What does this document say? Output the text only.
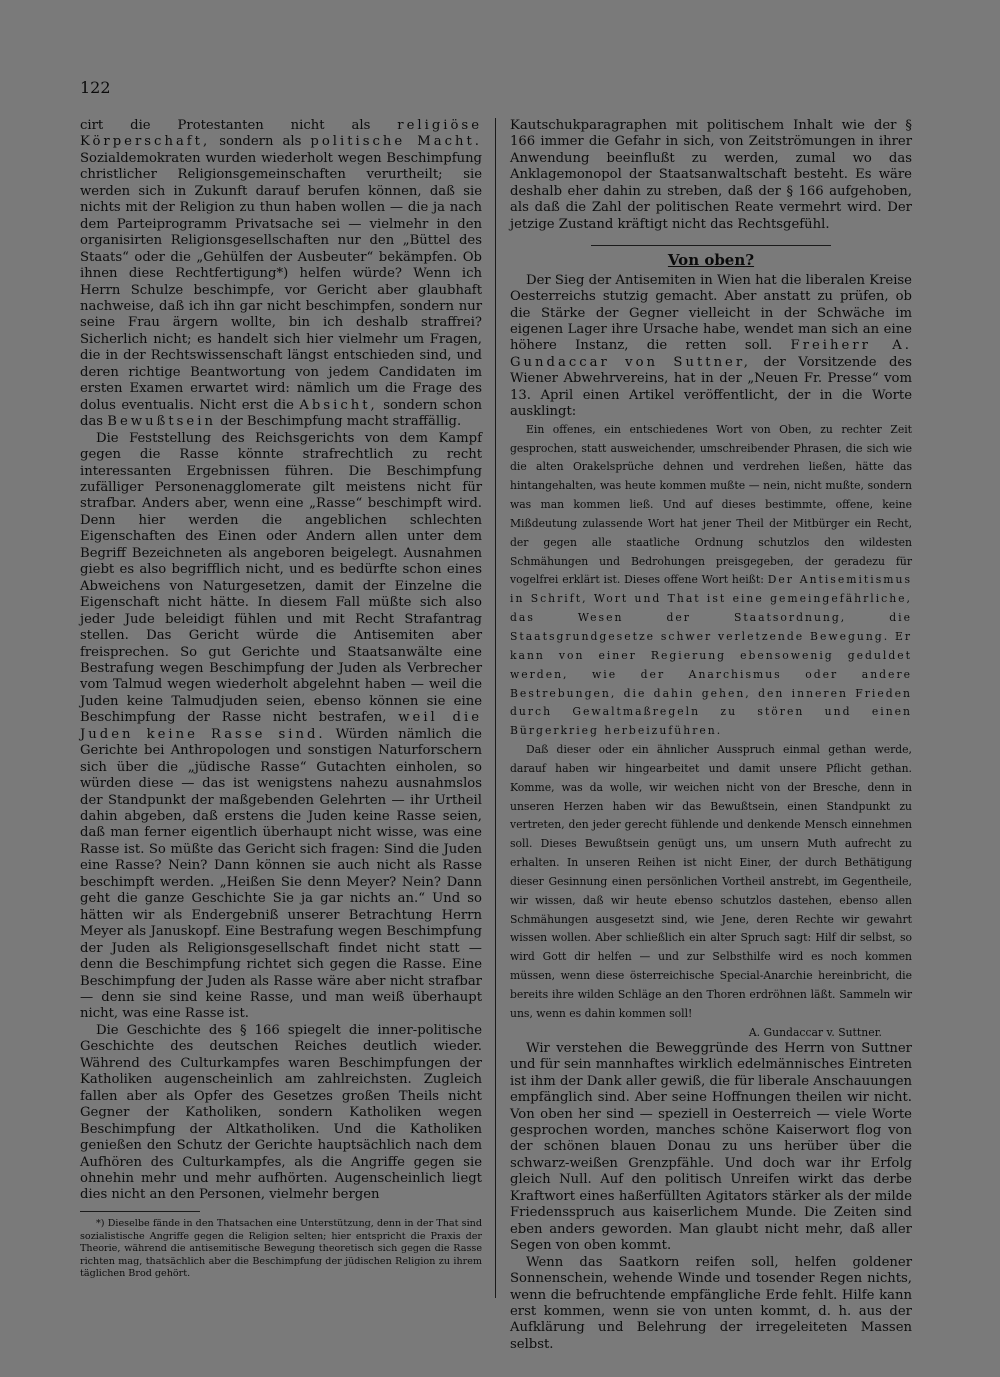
122

cirt die Protestanten nicht als religiöse Körperschaft, sondern als politische Macht. Sozialdemokraten wurden wiederholt wegen Beschimpfung christlicher Religionsgemeinschaften verurtheilt; sie werden sich in Zukunft darauf berufen können, daß sie nichts mit der Religion zu thun haben wollen — die ja nach dem Parteiprogramm Privatsache sei — vielmehr in den organisirten Religionsgesellschaften nur den „Büttel des Staats“ oder die „Gehülfen der Ausbeuter“ bekämpfen. Ob ihnen diese Rechtfertigung*) helfen würde? Wenn ich Herrn Schulze beschimpfe, vor Gericht aber glaubhaft nachweise, daß ich ihn gar nicht beschimpfen, sondern nur seine Frau ärgern wollte, bin ich deshalb straffrei? Sicherlich nicht; es handelt sich hier vielmehr um Fragen, die in der Rechtswissenschaft längst entschieden sind, und deren richtige Beantwortung von jedem Candidaten im ersten Examen erwartet wird: nämlich um die Frage des dolus eventualis. Nicht erst die Absicht, sondern schon das Bewußtsein der Beschimpfung macht straffällig.

Die Feststellung des Reichsgerichts von dem Kampf gegen die Rasse könnte strafrechtlich zu recht interessanten Ergebnissen führen. Die Beschimpfung zufälliger Personenagglomerate gilt meistens nicht für strafbar. Anders aber, wenn eine „Rasse“ beschimpft wird. Denn hier werden die angeblichen schlechten Eigenschaften des Einen oder Andern allen unter dem Begriff Bezeichneten als angeboren beigelegt. Ausnahmen giebt es also begrifflich nicht, und es bedürfte schon eines Abweichens von Naturgesetzen, damit der Einzelne die Eigenschaft nicht hätte. In diesem Fall müßte sich also jeder Jude beleidigt fühlen und mit Recht Strafantrag stellen. Das Gericht würde die Antisemiten aber freisprechen. So gut Gerichte und Staatsanwälte eine Bestrafung wegen Beschimpfung der Juden als Verbrecher vom Talmud wegen wiederholt abgelehnt haben — weil die Juden keine Talmudjuden seien, ebenso können sie eine Beschimpfung der Rasse nicht bestrafen, weil die Juden keine Rasse sind. Würden nämlich die Gerichte bei Anthropologen und sonstigen Naturforschern sich über die „jüdische Rasse“ Gutachten einholen, so würden diese — das ist wenigstens nahezu ausnahmslos der Standpunkt der maßgebenden Gelehrten — ihr Urtheil dahin abgeben, daß erstens die Juden keine Rasse seien, daß man ferner eigentlich überhaupt nicht wisse, was eine Rasse ist. So müßte das Gericht sich fragen: Sind die Juden eine Rasse? Nein? Dann können sie auch nicht als Rasse beschimpft werden. „Heißen Sie denn Meyer? Nein? Dann geht die ganze Geschichte Sie ja gar nichts an.“ Und so hätten wir als Endergebniß unserer Betrachtung Herrn Meyer als Januskopf. Eine Bestrafung wegen Beschimpfung der Juden als Religionsgesellschaft findet nicht statt — denn die Beschimpfung richtet sich gegen die Rasse. Eine Beschimpfung der Juden als Rasse wäre aber nicht strafbar — denn sie sind keine Rasse, und man weiß überhaupt nicht, was eine Rasse ist.

Die Geschichte des § 166 spiegelt die inner-politische Geschichte des deutschen Reiches deutlich wieder. Während des Culturkampfes waren Beschimpfungen der Katholiken augenscheinlich am zahlreichsten. Zugleich fallen aber als Opfer des Gesetzes großen Theils nicht Gegner der Katholiken, sondern Katholiken wegen Beschimpfung der Altkatholiken. Und die Katholiken genießen den Schutz der Gerichte hauptsächlich nach dem Aufhören des Culturkampfes, als die Angriffe gegen sie ohnehin mehr und mehr aufhörten. Augenscheinlich liegt dies nicht an den Personen, vielmehr bergen

*) Dieselbe fände in den Thatsachen eine Unterstützung, denn in der That sind sozialistische Angriffe gegen die Religion selten; hier entspricht die Praxis der Theorie, während die antisemitische Bewegung theoretisch sich gegen die Rasse richten mag, thatsächlich aber die Beschimpfung der jüdischen Religion zu ihrem täglichen Brod gehört.

Kautschukparagraphen mit politischem Inhalt wie der § 166 immer die Gefahr in sich, von Zeitströmungen in ihrer Anwendung beeinflußt zu werden, zumal wo das Anklagemonopol der Staatsanwaltschaft besteht. Es wäre deshalb eher dahin zu streben, daß der § 166 aufgehoben, als daß die Zahl der politischen Reate vermehrt wird. Der jetzige Zustand kräftigt nicht das Rechtsgefühl.

Von oben?

Der Sieg der Antisemiten in Wien hat die liberalen Kreise Oesterreichs stutzig gemacht. Aber anstatt zu prüfen, ob die Stärke der Gegner vielleicht in der Schwäche im eigenen Lager ihre Ursache habe, wendet man sich an eine höhere Instanz, die retten soll. Freiherr A. Gundaccar von Suttner, der Vorsitzende des Wiener Abwehrvereins, hat in der „Neuen Fr. Presse“ vom 13. April einen Artikel veröffentlicht, der in die Worte ausklingt:

Ein offenes, ein entschiedenes Wort von Oben, zu rechter Zeit gesprochen, statt ausweichender, umschreibender Phrasen, die sich wie die alten Orakelsprüche dehnen und verdrehen ließen, hätte das hintangehalten, was heute kommen mußte — nein, nicht mußte, sondern was man kommen ließ. Und auf dieses bestimmte, offene, keine Mißdeutung zulassende Wort hat jener Theil der Mitbürger ein Recht, der gegen alle staatliche Ordnung schutzlos den wildesten Schmähungen und Bedrohungen preisgegeben, der geradezu für vogelfrei erklärt ist. Dieses offene Wort heißt: Der Antisemitismus in Schrift, Wort und That ist eine gemeingefährliche, das Wesen der Staatsordnung, die Staatsgrundgesetze schwer verletzende Bewegung. Er kann von einer Regierung ebensowenig geduldet werden, wie der Anarchismus oder andere Bestrebungen, die dahin gehen, den inneren Frieden durch Gewaltmaßregeln zu stören und einen Bürgerkrieg herbeizuführen.

Daß dieser oder ein ähnlicher Ausspruch einmal gethan werde, darauf haben wir hingearbeitet und damit unsere Pflicht gethan. Komme, was da wolle, wir weichen nicht von der Bresche, denn in unseren Herzen haben wir das Bewußtsein, einen Standpunkt zu vertreten, den jeder gerecht fühlende und denkende Mensch einnehmen soll. Dieses Bewußtsein genügt uns, um unsern Muth aufrecht zu erhalten. In unseren Reihen ist nicht Einer, der durch Bethätigung dieser Gesinnung einen persönlichen Vortheil anstrebt, im Gegentheile, wir wissen, daß wir heute ebenso schutzlos dastehen, ebenso allen Schmähungen ausgesetzt sind, wie Jene, deren Rechte wir gewahrt wissen wollen. Aber schließlich ein alter Spruch sagt: Hilf dir selbst, so wird Gott dir helfen — und zur Selbsthilfe wird es noch kommen müssen, wenn diese österreichische Special-Anarchie hereinbricht, die bereits ihre wilden Schläge an den Thoren erdröhnen läßt. Sammeln wir uns, wenn es dahin kommen soll!

A. Gundaccar v. Suttner.

Wir verstehen die Beweggründe des Herrn von Suttner und für sein mannhaftes wirklich edelmännisches Eintreten ist ihm der Dank aller gewiß, die für liberale Anschauungen empfänglich sind. Aber seine Hoffnungen theilen wir nicht. Von oben her sind — speziell in Oesterreich — viele Worte gesprochen worden, manches schöne Kaiserwort flog von der schönen blauen Donau zu uns herüber über die schwarz-weißen Grenzpfähle. Und doch war ihr Erfolg gleich Null. Auf den politisch Unreifen wirkt das derbe Kraftwort eines haßerfüllten Agitators stärker als der milde Friedensspruch aus kaiserlichem Munde. Die Zeiten sind eben anders geworden. Man glaubt nicht mehr, daß aller Segen von oben kommt.

Wenn das Saatkorn reifen soll, helfen goldener Sonnenschein, wehende Winde und tosender Regen nichts, wenn die befruchtende empfängliche Erde fehlt. Hilfe kann erst kommen, wenn sie von unten kommt, d. h. aus der Aufklärung und Belehrung der irregeleiteten Massen selbst.
